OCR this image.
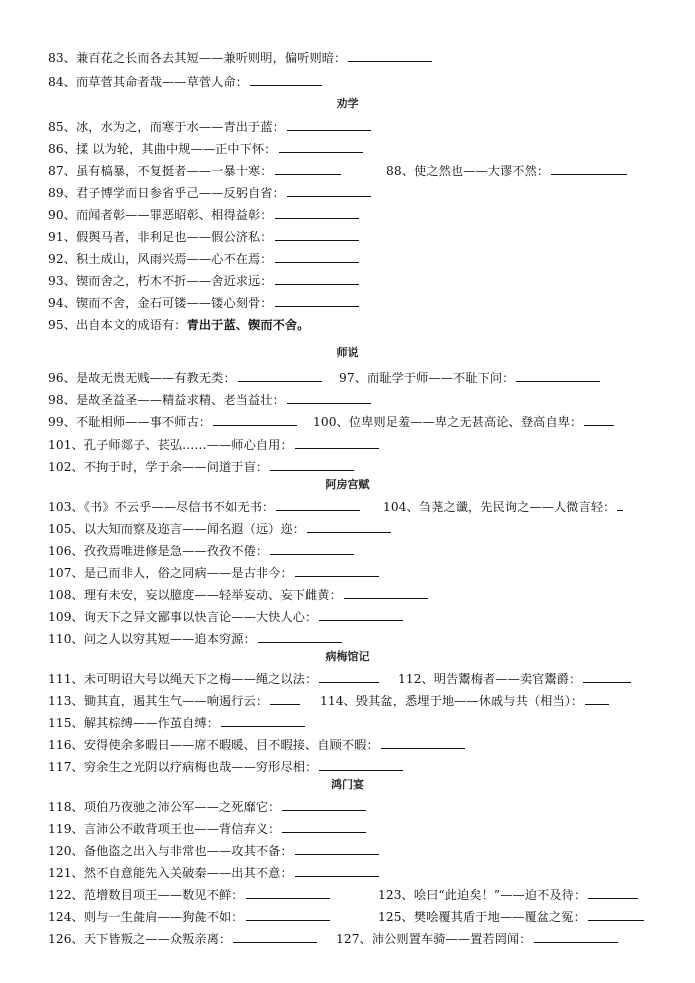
83、兼百花之长而各去其短——兼听则明，偏听则暗：
84、而草菅其命者哉——草菅人命：
劝学
85、冰，水为之，而寒于水——青出于蓝：
86、揉 以为轮，其曲中规——正中下怀：
87、虽有槁暴，不复挺者——一暴十寒：	88、使之然也——大谬不然：
89、君子博学而日参省乎己——反躬自省：
90、而闻者彰——罪恶昭彰、相得益彰：
91、假舆马者，非利足也——假公济私：
92、积土成山，风雨兴焉——心不在焉：
93、锲而舍之，朽木不折——舍近求远：
94、锲而不舍，金石可镂——镂心刻骨：
95、出自本文的成语有：青出于蓝、锲而不舍。
师说
96、是故无贵无贱——有教无类：	97、而耻学于师——不耻下问：
98、是故圣益圣——精益求精、老当益壮：
99、不耻相师——事不师古：	100、位卑则足羞——卑之无甚高论、登高自卑：
101、孔子师郯子、苌弘……——师心自用：
102、不拘于时，学于余——问道于盲：
阿房宫赋
103、《书》不云乎——尽信书不如无书：	104、刍荛之谶，先民询之——人微言轻：
105、以大知而察及迩言——闻名遐（远）迩：
106、孜孜焉唯进修是急——孜孜不倦：
107、是己而非人，俗之同病——是古非今：
108、理有未安，妄以臆度——轻举妄动、妄下雌黄：
109、询天下之异文鄙事以快言论——大快人心：
110、问之人以穷其短——追本穷源：
病梅馆记
111、未可明诏大号以绳天下之梅——绳之以法：	112、明告鬻梅者——卖官鬻爵：
113、锄其直，遏其生气——响遏行云：	114、毁其盆，悉埋于地——休戚与共（相当）：
115、解其棕缚——作茧自缚：
116、安得使余多暇日——席不暇暖、目不暇接、自顾不暇：
117、穷余生之光阴以疗病梅也哉——穷形尽相：
鸿门宴
118、项伯乃夜驰之沛公军——之死靡它：
119、言沛公不敢背项王也——背信弃义：
120、备他盗之出入与非常也——攻其不备：
121、然不自意能先入关破秦——出其不意：
122、范增数目项王——数见不鲜：	123、哙曰“此迫矣！”——迫不及待：
124、则与一生彘肩——狗彘不如：	125、樊哙覆其盾于地——覆盆之冤：
126、天下皆叛之——众叛亲离：	127、沛公则置车骑——置若罔闻：
